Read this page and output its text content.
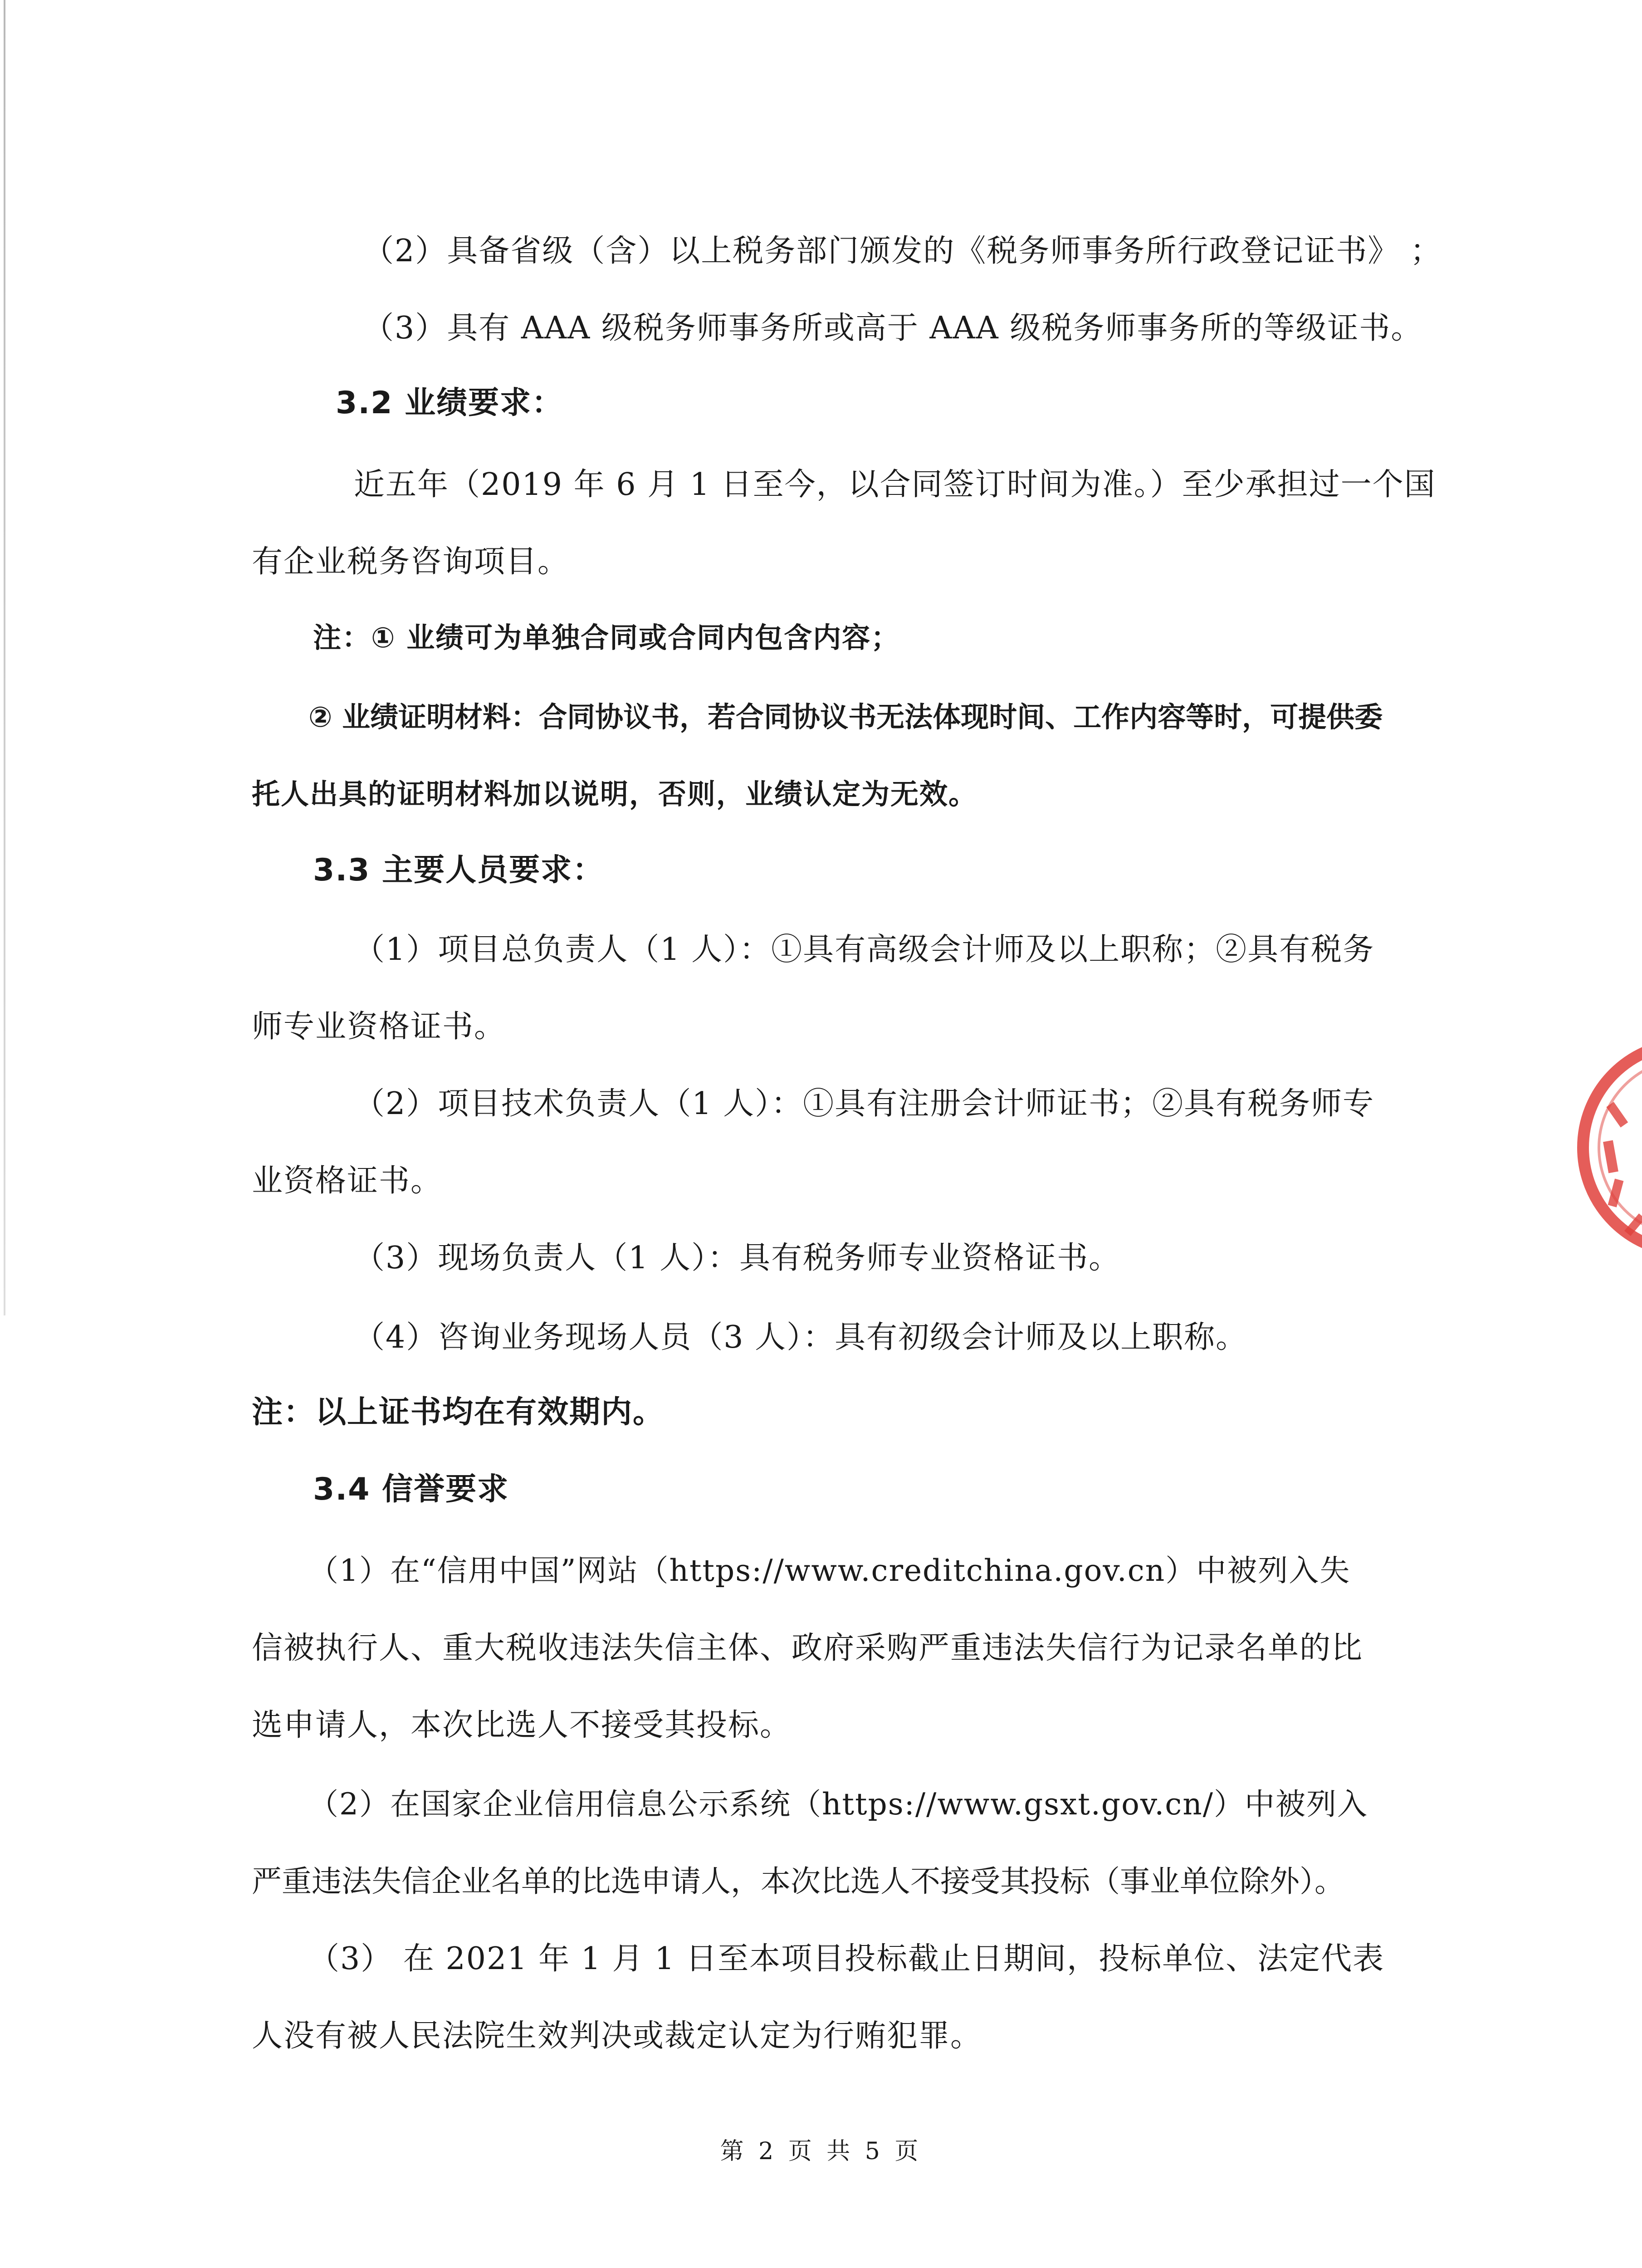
（2）具备省级（含）以上税务部门颁发的《税务师事务所行政登记证书》 ；
（3）具有 AAA 级税务师事务所或高于 AAA 级税务师事务所的等级证书。
3.2 业绩要求：
近五年（2019 年 6 月 1 日至今，以合同签订时间为准。）至少承担过一个国
有企业税务咨询项目。
注：① 业绩可为单独合同或合同内包含内容；
② 业绩证明材料：合同协议书，若合同协议书无法体现时间、工作内容等时，可提供委
托人出具的证明材料加以说明，否则，业绩认定为无效。
3.3 主要人员要求：
（1）项目总负责人（1 人）：①具有高级会计师及以上职称；②具有税务
师专业资格证书。
（2）项目技术负责人（1 人）：①具有注册会计师证书；②具有税务师专
业资格证书。
（3）现场负责人（1 人）：具有税务师专业资格证书。
（4）咨询业务现场人员（3 人）：具有初级会计师及以上职称。
注：以上证书均在有效期内。
3.4 信誉要求
（1）在“信用中国”网站（https://www.creditchina.gov.cn）中被列入失
信被执行人、重大税收违法失信主体、政府采购严重违法失信行为记录名单的比
选申请人，本次比选人不接受其投标。
（2）在国家企业信用信息公示系统（https://www.gsxt.gov.cn/）中被列入
严重违法失信企业名单的比选申请人，本次比选人不接受其投标（事业单位除外）。
（3） 在 2021 年 1 月 1 日至本项目投标截止日期间，投标单位、法定代表
人没有被人民法院生效判决或裁定认定为行贿犯罪。
第 2 页 共 5 页
